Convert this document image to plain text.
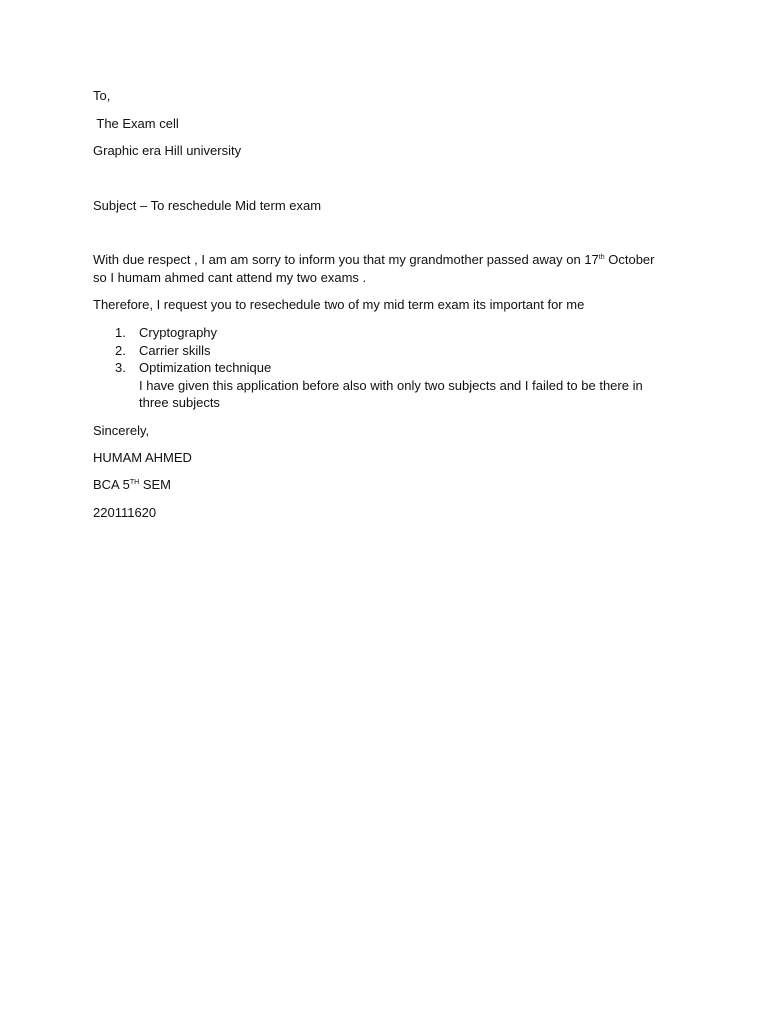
To,
The Exam cell
Graphic era Hill university
Subject – To reschedule Mid term exam
With due respect , I am am sorry to inform you that my grandmother passed away on 17th October
so I humam ahmed cant attend my two exams .
Therefore, I request you to resechedule two of my mid term exam its important for me
1. Cryptography
2. Carrier skills
3. Optimization technique
I have given this application before also with only two subjects and I failed to be there in three subjects
Sincerely,
HUMAM AHMED
BCA 5TH SEM
220111620
